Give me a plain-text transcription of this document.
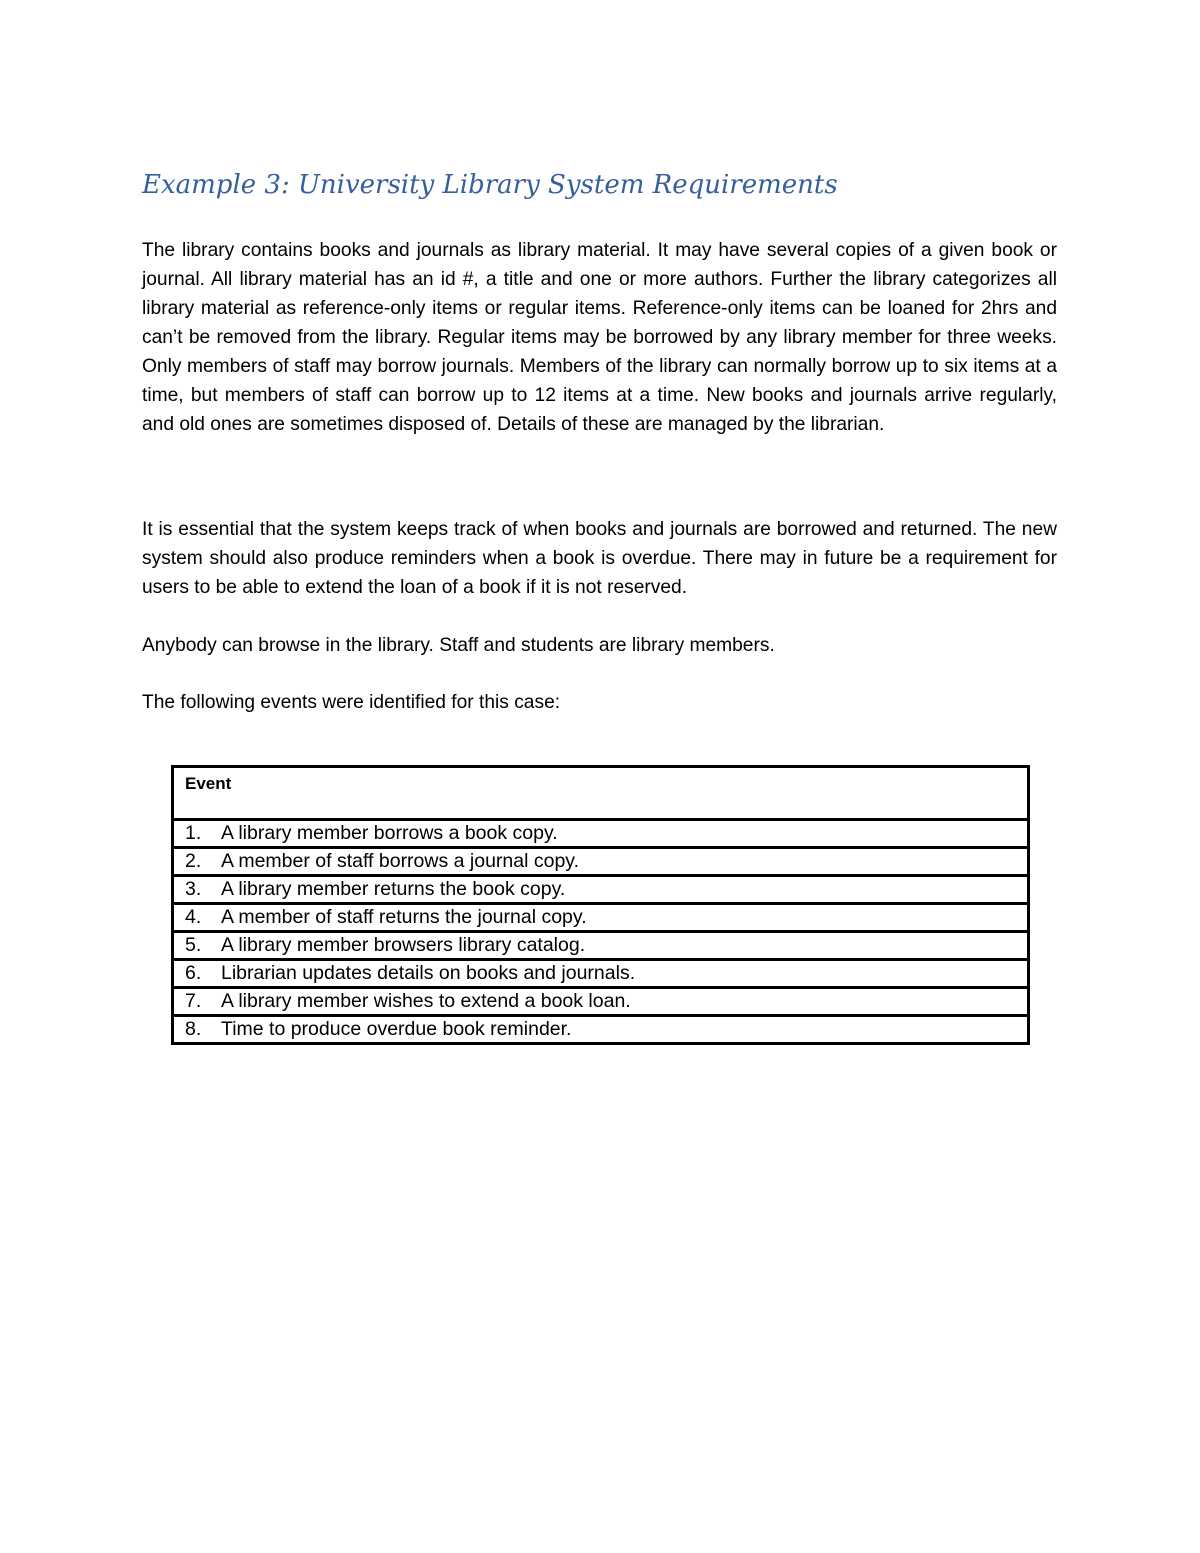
Example 3: University Library System Requirements

The library contains books and journals as library material. It may have several copies of a given book or journal. All library material has an id #, a title and one or more authors. Further the library categorizes all library material as reference-only items or regular items. Reference-only items can be loaned for 2hrs and can’t be removed from the library. Regular items may be borrowed by any library member for three weeks. Only members of staff may borrow journals. Members of the library can normally borrow up to six items at a time, but members of staff can borrow up to 12 items at a time. New books and journals arrive regularly, and old ones are sometimes disposed of. Details of these are managed by the librarian.

It is essential that the system keeps track of when books and journals are borrowed and returned. The new system should also produce reminders when a book is overdue. There may in future be a requirement for users to be able to extend the loan of a book if it is not reserved.

Anybody can browse in the library. Staff and students are library members.

The following events were identified for this case:

Event
1. A library member borrows a book copy.
2. A member of staff borrows a journal copy.
3. A library member returns the book copy.
4. A member of staff returns the journal copy.
5. A library member browsers library catalog.
6. Librarian updates details on books and journals.
7. A library member wishes to extend a book loan.
8. Time to produce overdue book reminder.
